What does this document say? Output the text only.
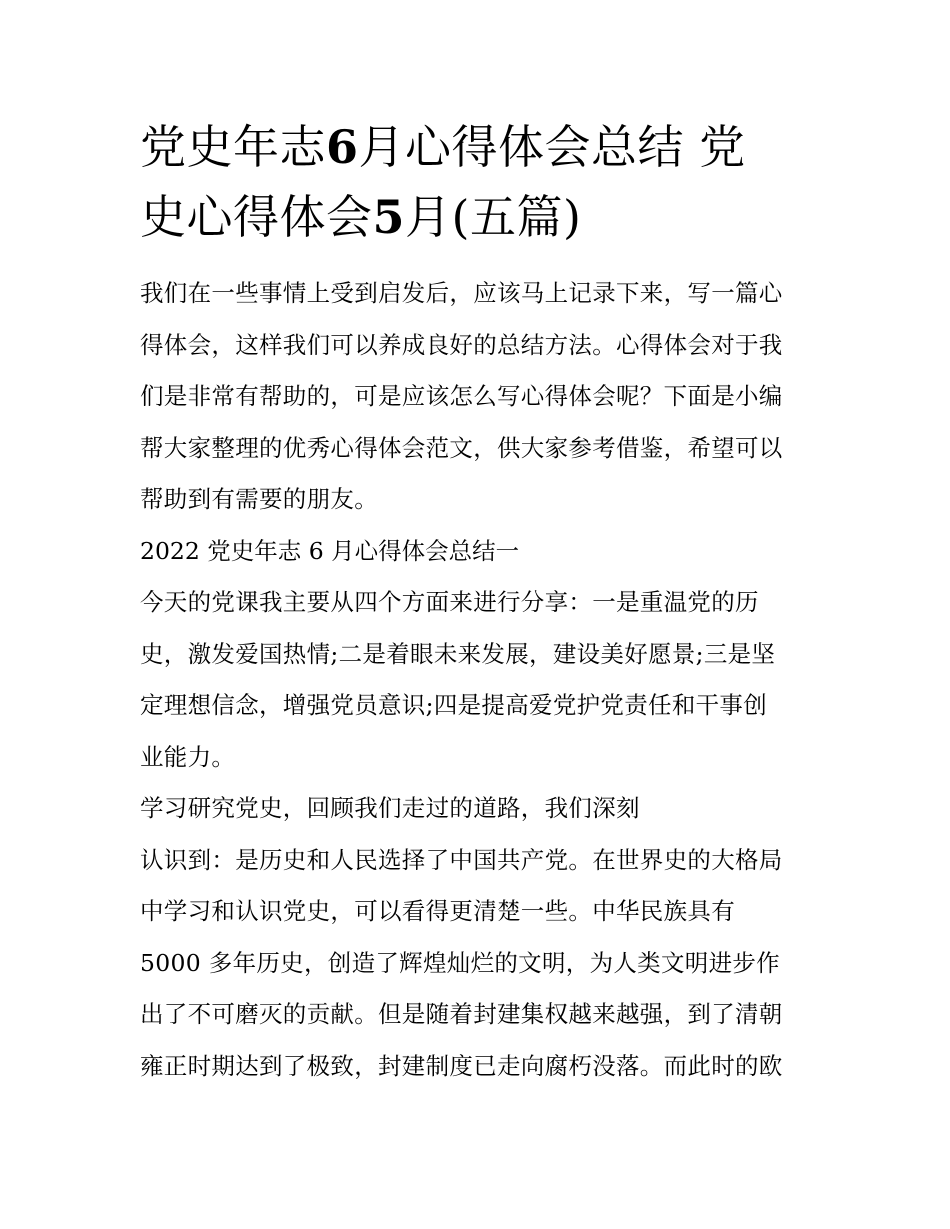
党史年志6月心得体会总结 党
史心得体会5月(五篇)

我们在一些事情上受到启发后，应该马上记录下来，写一篇心
得体会，这样我们可以养成良好的总结方法。心得体会对于我
们是非常有帮助的，可是应该怎么写心得体会呢？下面是小编
帮大家整理的优秀心得体会范文，供大家参考借鉴，希望可以
帮助到有需要的朋友。

2022 党史年志 6 月心得体会总结一

今天的党课我主要从四个方面来进行分享：一是重温党的历
史，激发爱国热情;二是着眼未来发展，建设美好愿景;三是坚
定理想信念，增强党员意识;四是提高爱党护党责任和干事创
业能力。

学习研究党史，回顾我们走过的道路，我们深刻
认识到：是历史和人民选择了中国共产党。在世界史的大格局
中学习和认识党史，可以看得更清楚一些。中华民族具有
5000 多年历史，创造了辉煌灿烂的文明，为人类文明进步作
出了不可磨灭的贡献。但是随着封建集权越来越强，到了清朝
雍正时期达到了极致，封建制度已走向腐朽没落。而此时的欧
